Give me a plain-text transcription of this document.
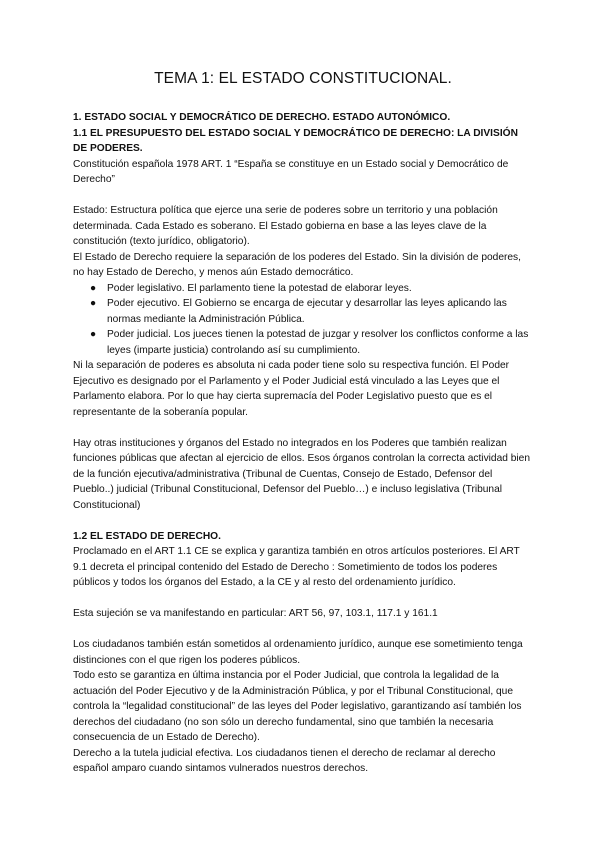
TEMA 1: EL ESTADO CONSTITUCIONAL.

1. ESTADO SOCIAL Y DEMOCRÁTICO DE DERECHO. ESTADO AUTONÓMICO.

1.1 EL PRESUPUESTO DEL ESTADO SOCIAL Y DEMOCRÁTICO DE DERECHO: LA DIVISIÓN DE PODERES.

Constitución española 1978 ART. 1 “España se constituye en un Estado social y Democrático de Derecho”

Estado: Estructura política que ejerce una serie de poderes sobre un territorio y una población determinada. Cada Estado es soberano. El Estado gobierna en base a las leyes clave de la constitución (texto jurídico, obligatorio).

El Estado de Derecho requiere la separación de los poderes del Estado. Sin la división de poderes, no hay Estado de Derecho, y menos aún Estado democrático.

● Poder legislativo. El parlamento tiene la potestad de elaborar leyes.
● Poder ejecutivo. El Gobierno se encarga de ejecutar y desarrollar las leyes aplicando las normas mediante la Administración Pública.
● Poder judicial. Los jueces tienen la potestad de juzgar y resolver los conflictos conforme a las leyes (imparte justicia) controlando así su cumplimiento.

Ni la separación de poderes es absoluta ni cada poder tiene solo su respectiva función. El Poder Ejecutivo es designado por el Parlamento y el Poder Judicial está vinculado a las Leyes que el Parlamento elabora. Por lo que hay cierta supremacía del Poder Legislativo puesto que es el representante de la soberanía popular.

Hay otras instituciones y órganos del Estado no integrados en los Poderes que también realizan funciones públicas que afectan al ejercicio de ellos. Esos órganos controlan la correcta actividad bien de la función ejecutiva/administrativa (Tribunal de Cuentas, Consejo de Estado, Defensor del Pueblo..) judicial (Tribunal Constitucional, Defensor del Pueblo…) e incluso legislativa (Tribunal Constitucional)

1.2 EL ESTADO DE DERECHO.

Proclamado en el ART 1.1 CE se explica y garantiza también en otros artículos posteriores. El ART 9.1 decreta el principal contenido del Estado de Derecho : Sometimiento de todos los poderes públicos y todos los órganos del Estado, a la CE y al resto del ordenamiento jurídico.

Esta sujeción se va manifestando en particular: ART 56, 97, 103.1, 117.1 y 161.1

Los ciudadanos también están sometidos al ordenamiento jurídico, aunque ese sometimiento tenga distinciones con el que rigen los poderes públicos.

Todo esto se garantiza en última instancia por el Poder Judicial, que controla la legalidad de la actuación del Poder Ejecutivo y de la Administración Pública, y por el Tribunal Constitucional, que controla la “legalidad constitucional” de las leyes del Poder legislativo, garantizando así también los derechos del ciudadano (no son sólo un derecho fundamental, sino que también la necesaria consecuencia de un Estado de Derecho).

Derecho a la tutela judicial efectiva. Los ciudadanos tienen el derecho de reclamar al derecho español amparo cuando sintamos vulnerados nuestros derechos.
